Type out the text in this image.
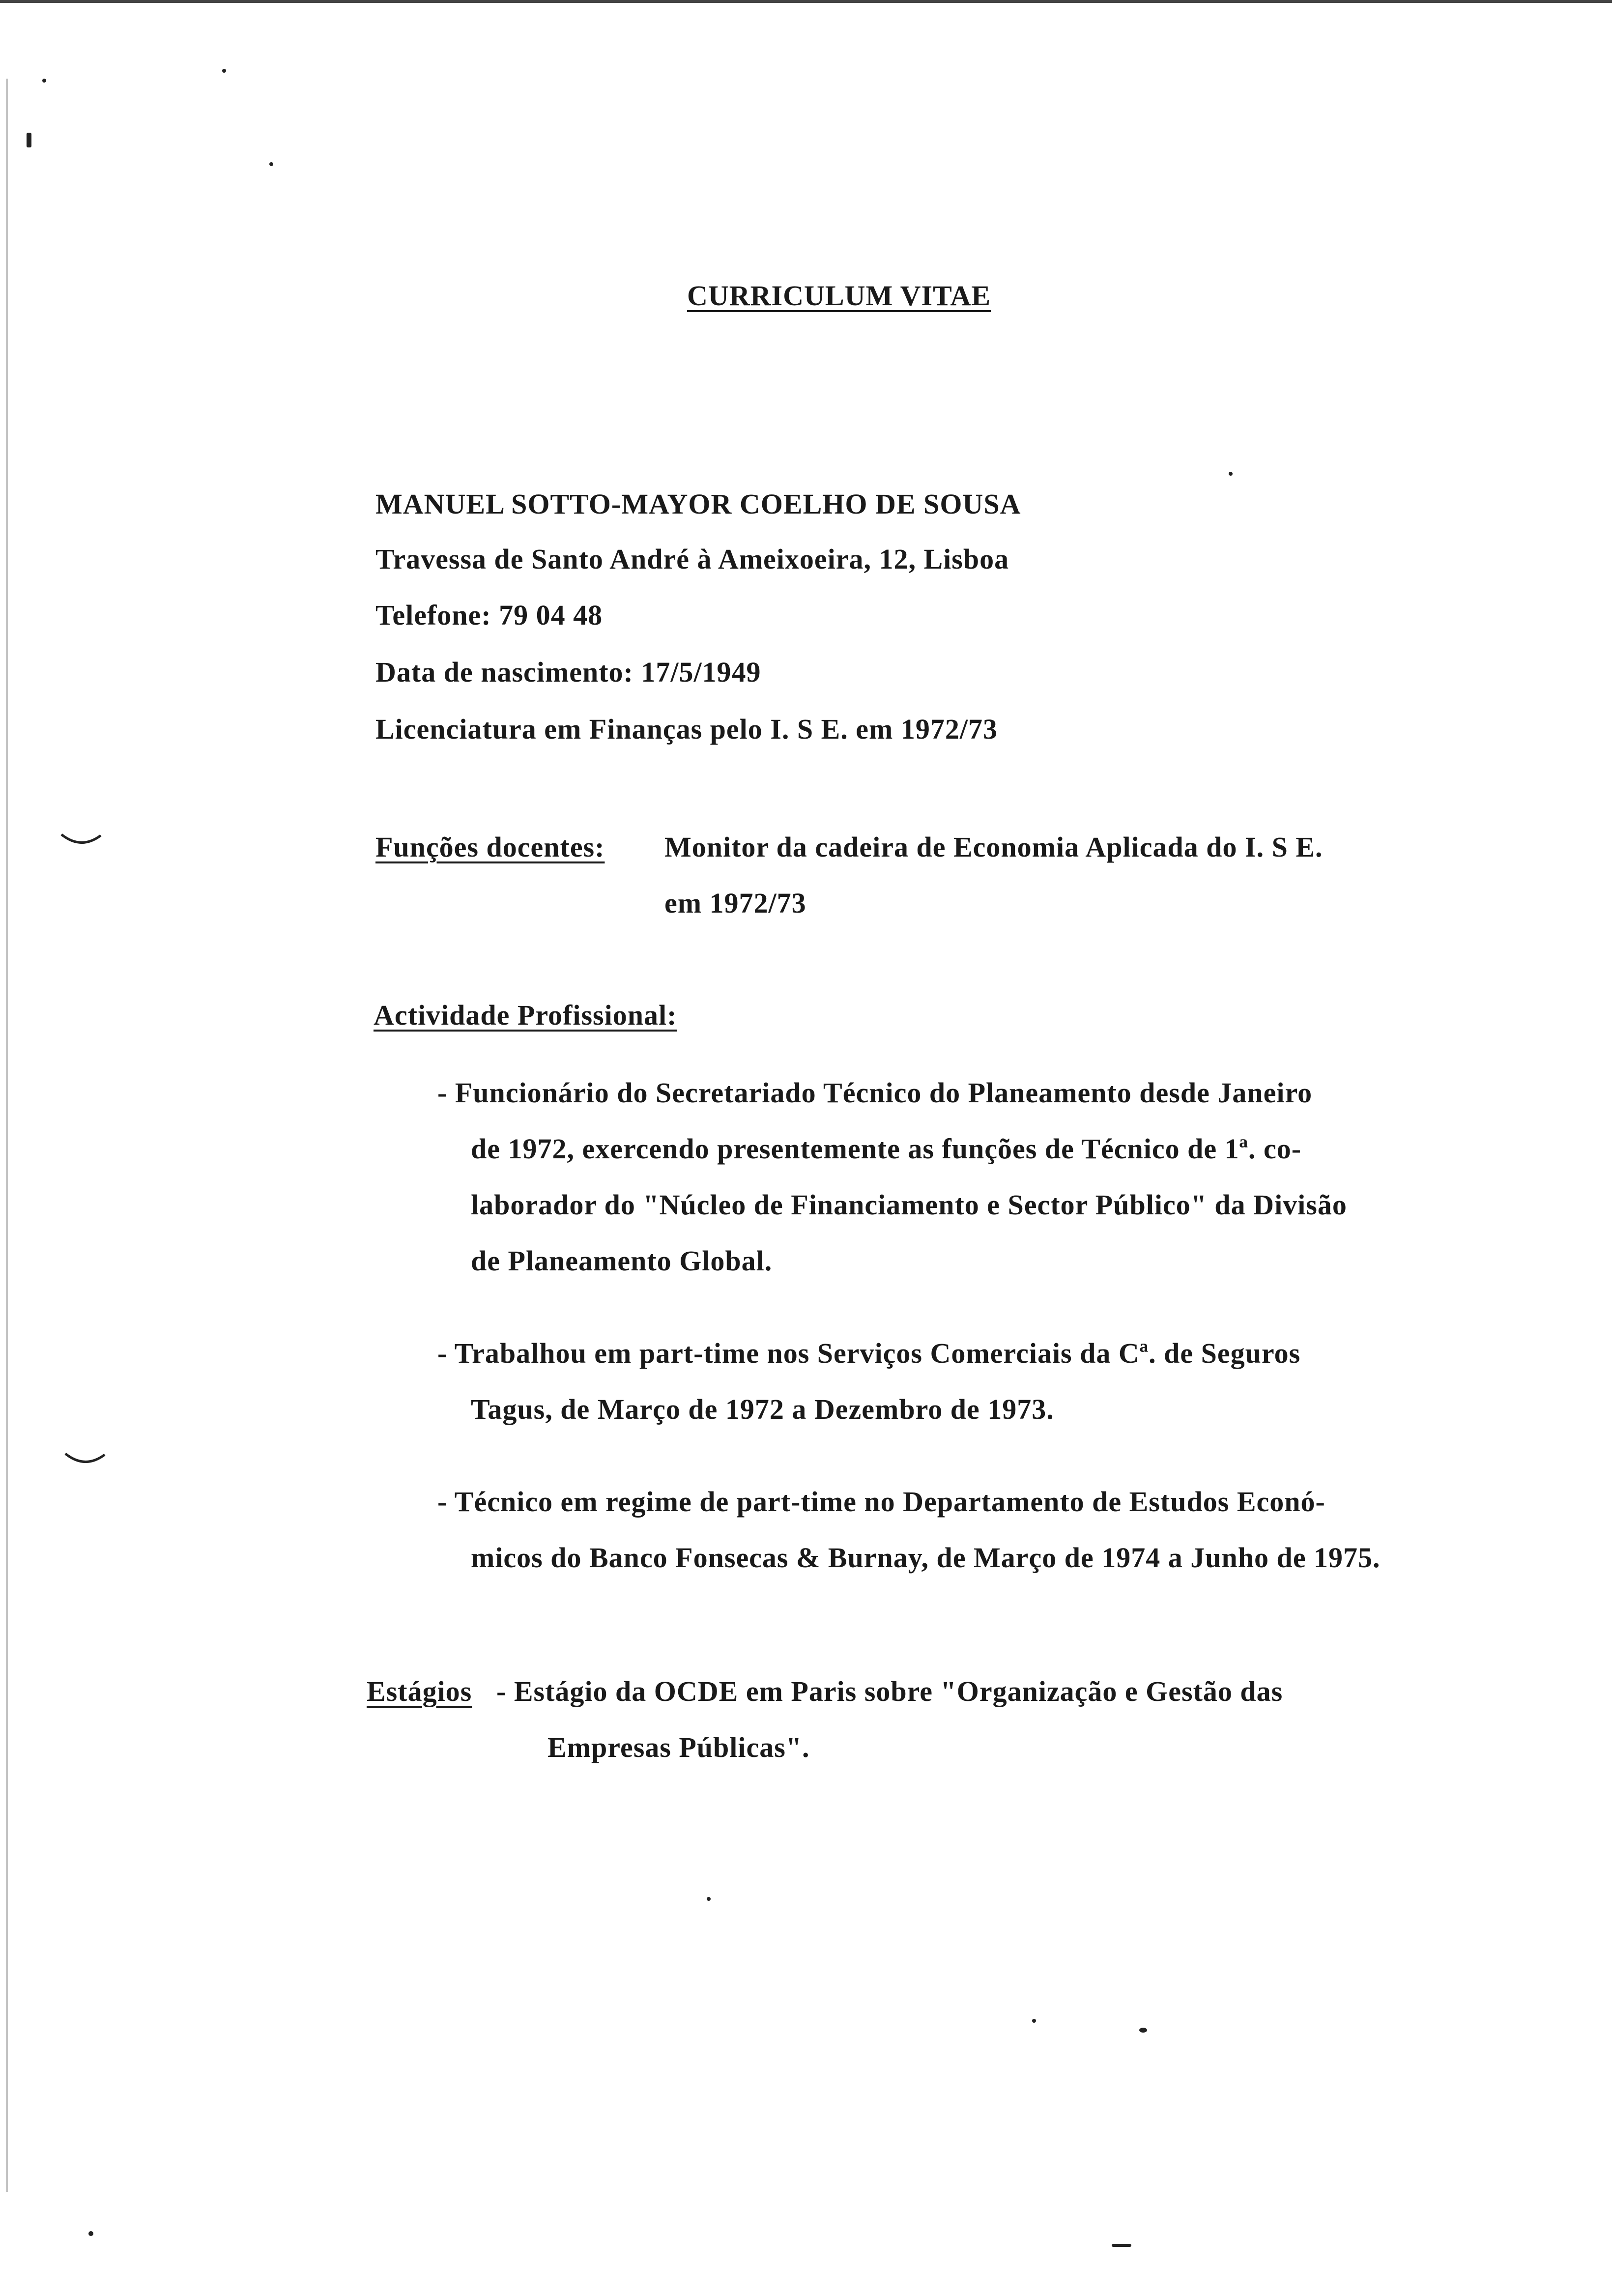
CURRICULUM VITAE
MANUEL SOTTO-MAYOR COELHO DE SOUSA
Travessa de Santo André à Ameixoeira, 12, Lisboa
Telefone: 79 04 48
Data de nascimento: 17/5/1949
Licenciatura em Finanças pelo I. S E. em 1972/73
Funções docentes: Monitor da cadeira de Economia Aplicada do I. S E.
em 1972/73
Actividade Profissional:
- Funcionário do Secretariado Técnico do Planeamento desde Janeiro
de 1972, exercendo presentemente as funções de Técnico de 1ª. co-
laborador do "Núcleo de Financiamento e Sector Público" da Divisão
de Planeamento Global.
- Trabalhou em part-time nos Serviços Comerciais da Cª. de Seguros
Tagus, de Março de 1972 a Dezembro de 1973.
- Técnico em regime de part-time no Departamento de Estudos Econó-
micos do Banco Fonsecas & Burnay, de Março de 1974 a Junho de 1975.
Estágios - Estágio da OCDE em Paris sobre "Organização e Gestão das
Empresas Públicas".
